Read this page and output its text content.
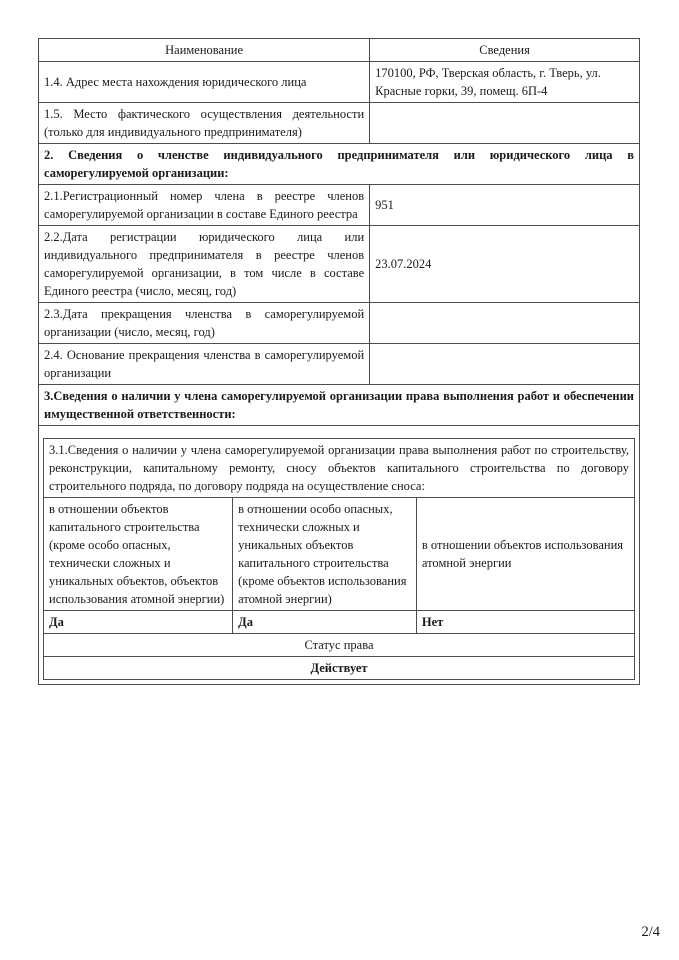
Наименование	Сведения
1.4. Адрес места нахождения юридического лица	170100, РФ, Тверская область, г. Тверь, ул. Красные горки, 39, помещ. 6П-4
1.5. Место фактического осуществления деятельности (только для индивидуального предпринимателя)	
2. Сведения о членстве индивидуального предпринимателя или юридического лица в саморегулируемой организации:
2.1.Регистрационный номер члена в реестре членов саморегулируемой организации в составе Единого реестра	951
2.2.Дата регистрации юридического лица или индивидуального предпринимателя в реестре членов саморегулируемой организации, в том числе в составе Единого реестра (число, месяц, год)	23.07.2024
2.3.Дата прекращения членства в саморегулируемой организации (число, месяц, год)	
2.4. Основание прекращения членства в саморегулируемой организации	
3.Сведения о наличии у члена саморегулируемой организации права выполнения работ и обеспечении имущественной ответственности:

3.1.Сведения о наличии у члена саморегулируемой организации права выполнения работ по строительству, реконструкции, капитальному ремонту, сносу объектов капитального строительства по договору строительного подряда, по договору подряда на осуществление сноса:
в отношении объектов капитального строительства (кроме особо опасных, технически сложных и уникальных объектов, объектов использования атомной энергии)	в отношении особо опасных, технически сложных и уникальных объектов капитального строительства (кроме объектов использования атомной энергии)	в отношении объектов использования атомной энергии
Да	Да	Нет
Статус права
Действует
2/4
